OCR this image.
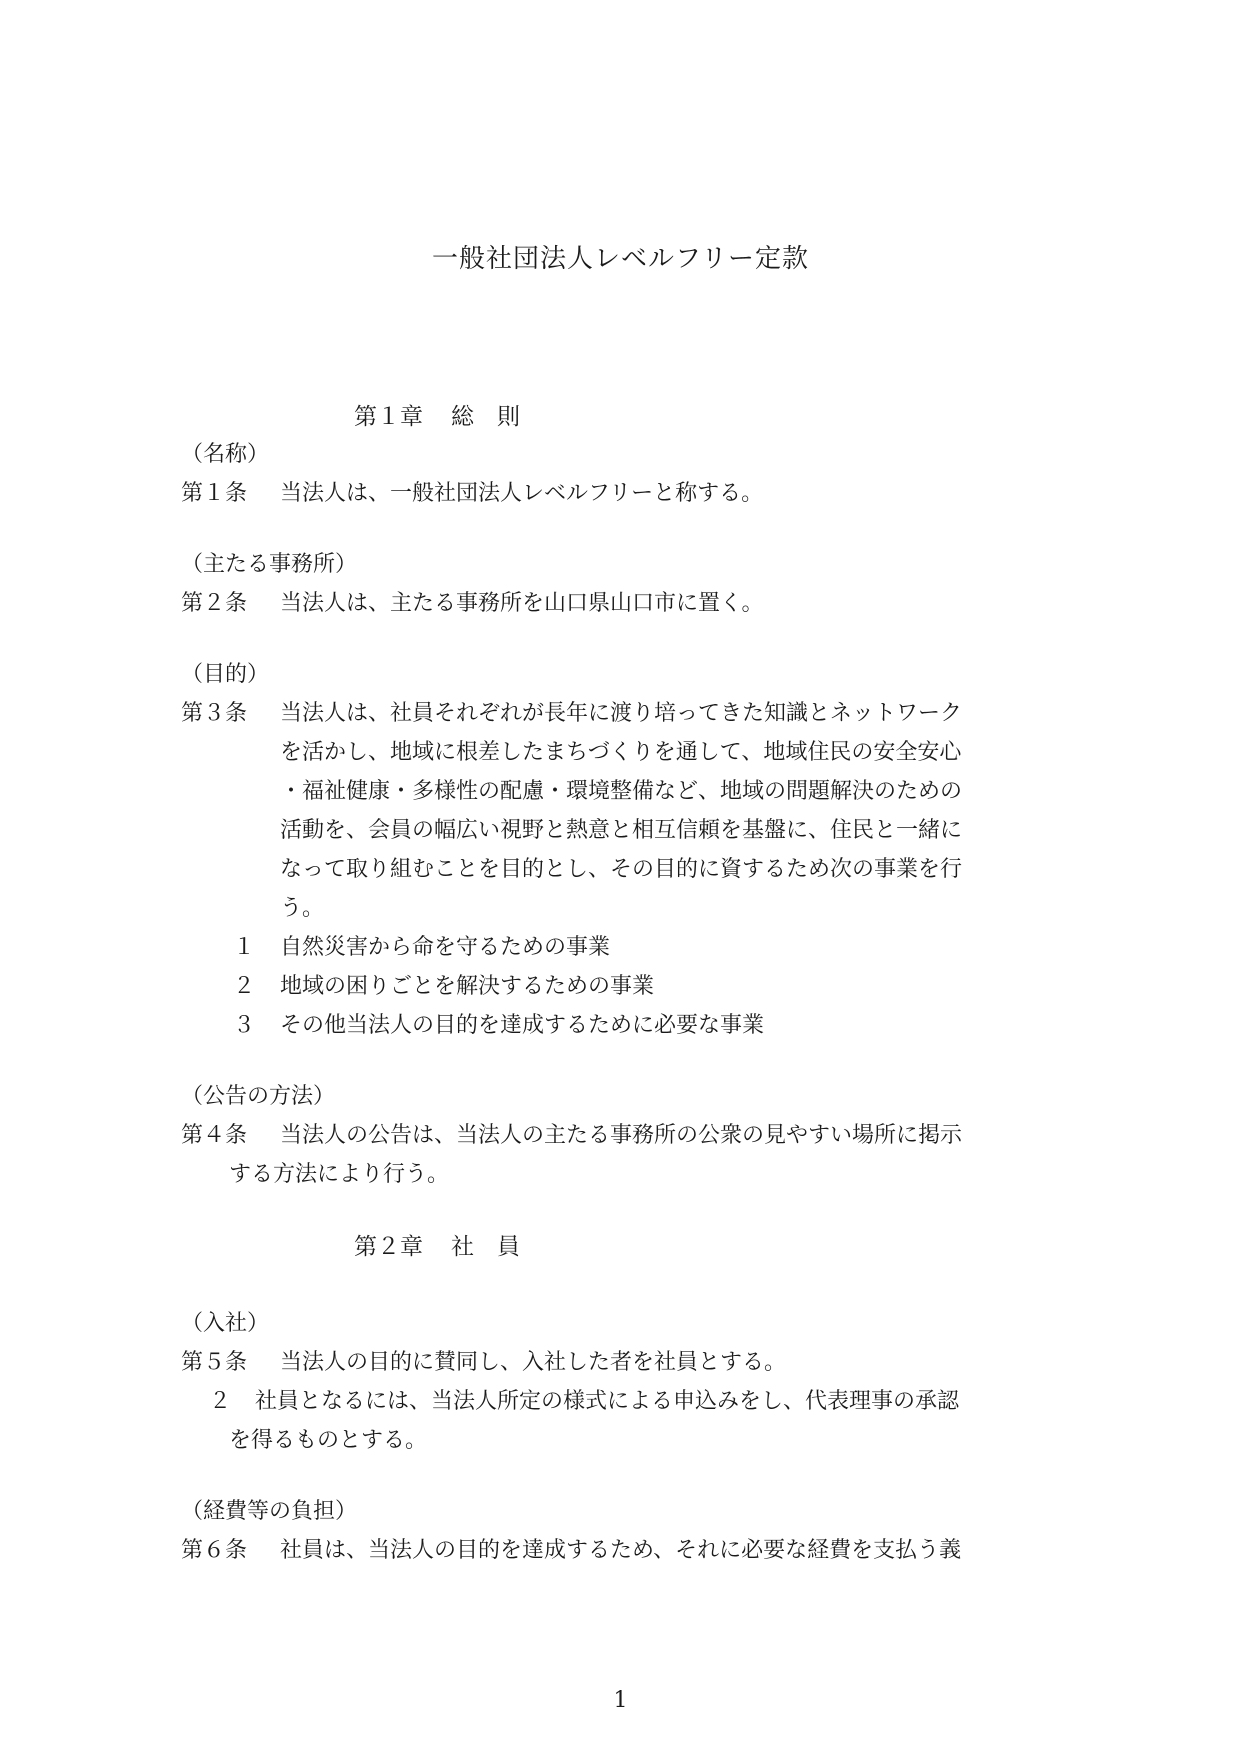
一般社団法人レベルフリー定款
第１章 総　則
（名称）
第１条 当法人は、一般社団法人レベルフリーと称する。
（主たる事務所）
第２条 当法人は、主たる事務所を山口県山口市に置く。
（目的）
第３条 当法人は、社員それぞれが長年に渡り培ってきた知識とネットワーク
を活かし、地域に根差したまちづくりを通して、地域住民の安全安心
・福祉健康・多様性の配慮・環境整備など、地域の問題解決のための
活動を、会員の幅広い視野と熱意と相互信頼を基盤に、住民と一緒に
なって取り組むことを目的とし、その目的に資するため次の事業を行
う。
１ 自然災害から命を守るための事業
２ 地域の困りごとを解決するための事業
３ その他当法人の目的を達成するために必要な事業
（公告の方法）
第４条 当法人の公告は、当法人の主たる事務所の公衆の見やすい場所に掲示
する方法により行う。
第２章 社　員
（入社）
第５条 当法人の目的に賛同し、入社した者を社員とする。
２ 社員となるには、当法人所定の様式による申込みをし、代表理事の承認
を得るものとする。
（経費等の負担）
第６条 社員は、当法人の目的を達成するため、それに必要な経費を支払う義
1
